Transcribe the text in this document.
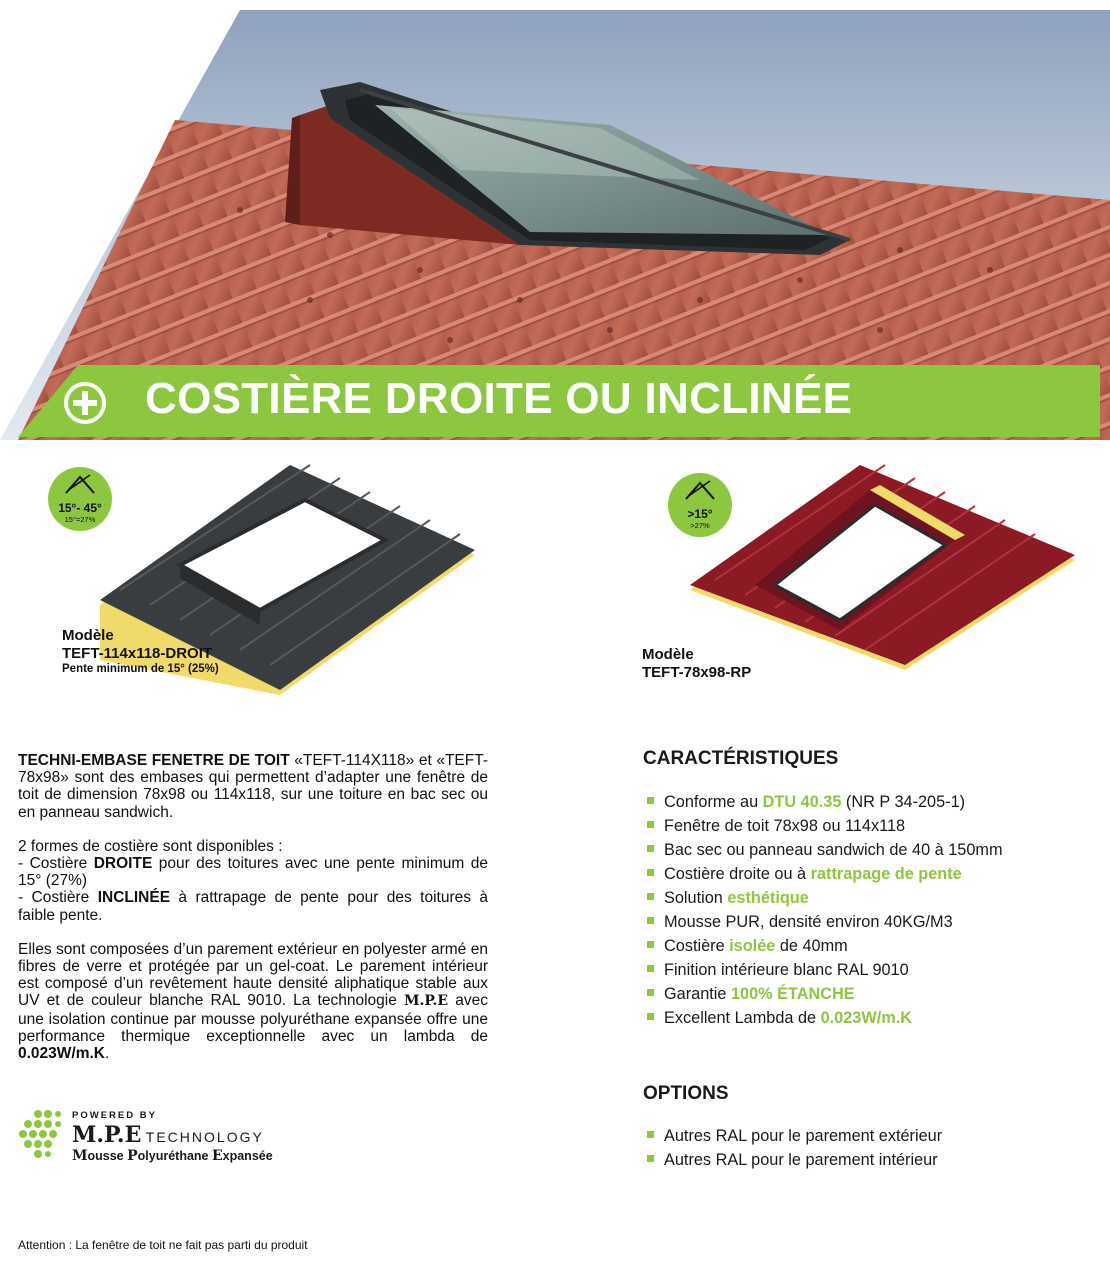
COSTIÈRE DROITE OU INCLINÉE
15°- 45°
15°=27%
Modèle
TEFT-114x118-DROIT
Pente minimum de 15° (25%)
>15°
>27%
Modèle
TEFT-78x98-RP

TECHNI-EMBASE FENETRE DE TOIT «TEFT-114X118» et «TEFT-78x98» sont des embases qui permettent d’adapter une fenêtre de toit de dimension 78x98 ou 114x118, sur une toiture en bac sec ou en panneau sandwich.

2 formes de costière sont disponibles :
- Costière DROITE pour des toitures avec une pente minimum de 15° (27%)
- Costière INCLINÉE à rattrapage de pente pour des toitures à faible pente.

Elles sont composées d’un parement extérieur en polyester armé en fibres de verre et protégée par un gel-coat. Le parement intérieur est composé d’un revêtement haute densité aliphatique stable aux UV et de couleur blanche RAL 9010. La technologie M.P.E avec une isolation continue par mousse polyuréthane expansée offre une performance thermique exceptionnelle avec un lambda de 0.023W/m.K.

POWERED BY
M.P.E TECHNOLOGY
Mousse Polyuréthane Expansée
CARACTÉRISTIQUES
Conforme au DTU 40.35 (NR P 34-205-1)
Fenêtre de toit 78x98 ou 114x118
Bac sec ou panneau sandwich de 40 à 150mm
Costière droite ou à rattrapage de pente
Solution esthétique
Mousse PUR, densité environ 40KG/M3
Costière isolée de 40mm
Finition intérieure blanc RAL 9010
Garantie 100% ÉTANCHE
Excellent Lambda de 0.023W/m.K
OPTIONS
Autres RAL pour le parement extérieur
Autres RAL pour le parement intérieur
Attention : La fenêtre de toit ne fait pas parti du produit
